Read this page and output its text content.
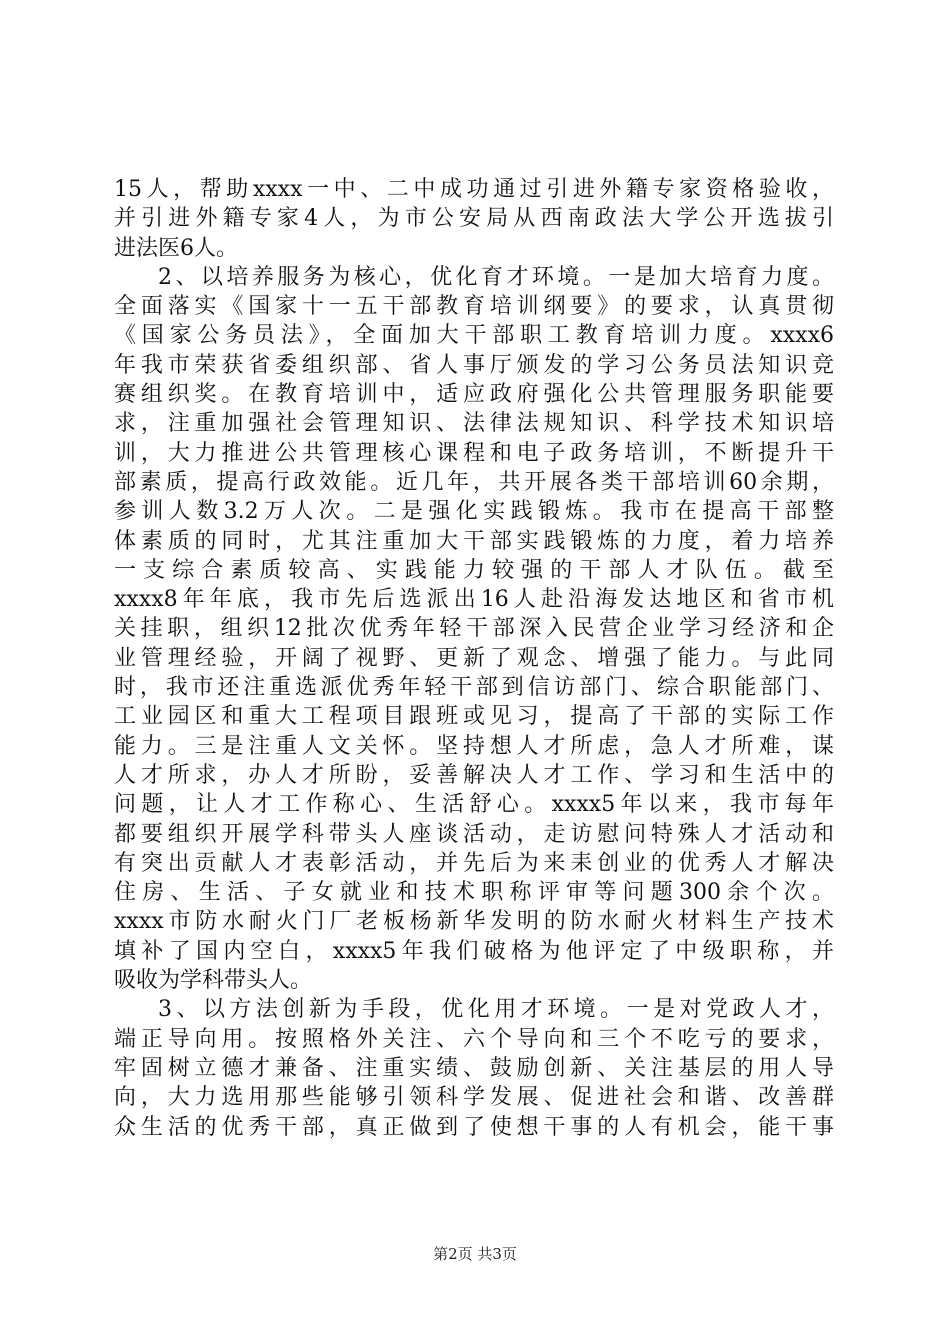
15人，帮助xxxx一中、二中成功通过引进外籍专家资格验收，
并引进外籍专家4人，为市公安局从西南政法大学公开选拔引
进法医6人。
2、以培养服务为核心，优化育才环境。一是加大培育力度。
全面落实《国家十一五干部教育培训纲要》的要求，认真贯彻
《国家公务员法》，全面加大干部职工教育培训力度。xxxx6
年我市荣获省委组织部、省人事厅颁发的学习公务员法知识竞
赛组织奖。在教育培训中，适应政府强化公共管理服务职能要
求，注重加强社会管理知识、法律法规知识、科学技术知识培
训，大力推进公共管理核心课程和电子政务培训，不断提升干
部素质，提高行政效能。近几年，共开展各类干部培训60余期，
参训人数3.2万人次。二是强化实践锻炼。我市在提高干部整
体素质的同时，尤其注重加大干部实践锻炼的力度，着力培养
一支综合素质较高、实践能力较强的干部人才队伍。截至
xxxx8年年底，我市先后选派出16人赴沿海发达地区和省市机
关挂职，组织12批次优秀年轻干部深入民营企业学习经济和企
业管理经验，开阔了视野、更新了观念、增强了能力。与此同
时，我市还注重选派优秀年轻干部到信访部门、综合职能部门、
工业园区和重大工程项目跟班或见习，提高了干部的实际工作
能力。三是注重人文关怀。坚持想人才所虑，急人才所难，谋
人才所求，办人才所盼，妥善解决人才工作、学习和生活中的
问题，让人才工作称心、生活舒心。xxxx5年以来，我市每年
都要组织开展学科带头人座谈活动，走访慰问特殊人才活动和
有突出贡献人才表彰活动，并先后为来耒创业的优秀人才解决
住房、生活、子女就业和技术职称评审等问题300余个次。
xxxx市防水耐火门厂老板杨新华发明的防水耐火材料生产技术
填补了国内空白，xxxx5年我们破格为他评定了中级职称，并
吸收为学科带头人。
3、以方法创新为手段，优化用才环境。一是对党政人才，
端正导向用。按照格外关注、六个导向和三个不吃亏的要求，
牢固树立德才兼备、注重实绩、鼓励创新、关注基层的用人导
向，大力选用那些能够引领科学发展、促进社会和谐、改善群
众生活的优秀干部，真正做到了使想干事的人有机会，能干事
第2页 共3页
